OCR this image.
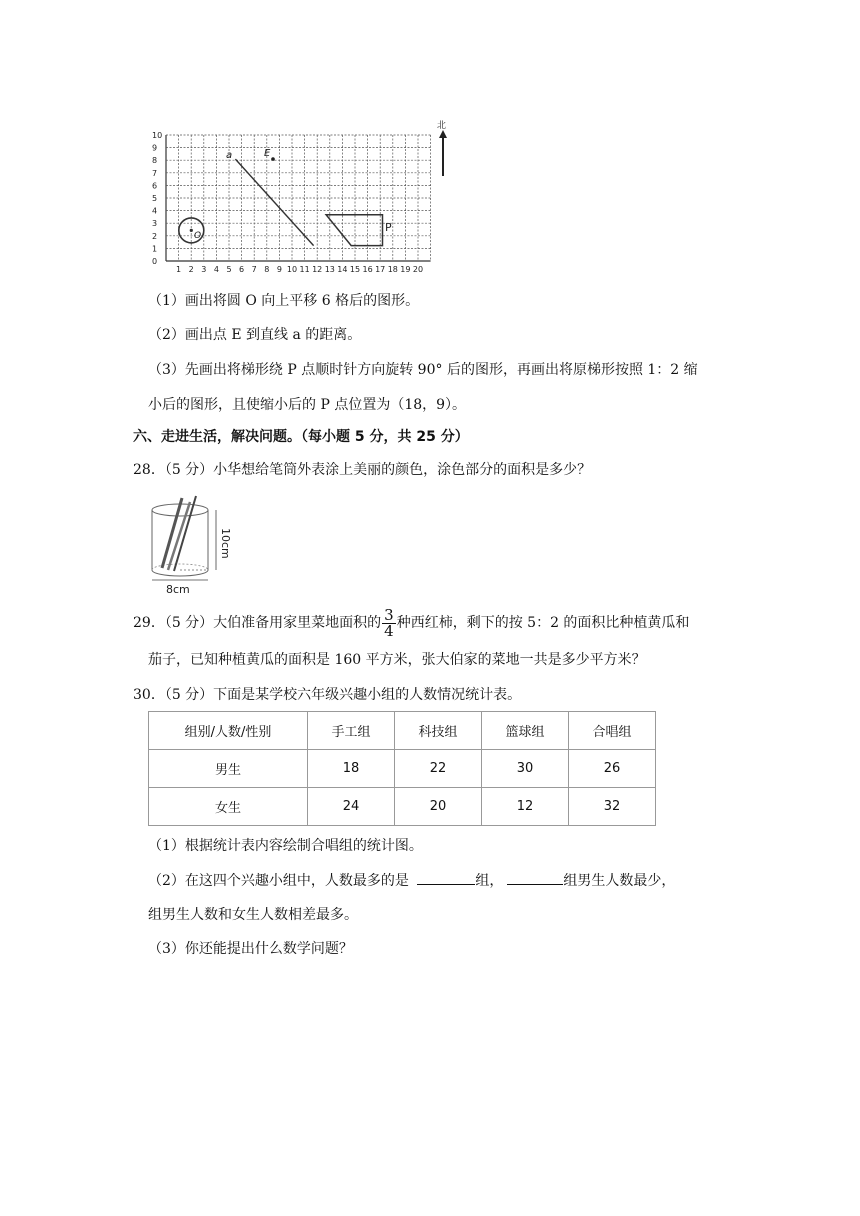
0
1
2
3
4
5
6
7
8
9
10
1 2 3 4 5 6 7 8 9 10 11 12 13 14 15 16 17 18 19 20
O
a	E
P
北
（1）画出将圆 O 向上平移 6 格后的图形。
（2）画出点 E 到直线 a 的距离。
（3）先画出将梯形绕 P 点顺时针方向旋转 90° 后的图形，再画出将原梯形按照 1：2 缩
小后的图形，且使缩小后的 P 点位置为（18，9）。
六、走进生活，解决问题。（每小题 5 分，共 25 分）
28．（5 分）小华想给笔筒外表涂上美丽的颜色，涂色部分的面积是多少？
10cm
8cm
29．（5 分）大伯准备用家里菜地面积的 $\frac{3}{4}$ 种西红柿，剩下的按 5：2 的面积比种植黄瓜和
茄子，已知种植黄瓜的面积是 160 平方米，张大伯家的菜地一共是多少平方米？
30．（5 分）下面是某学校六年级兴趣小组的人数情况统计表。
组别/人数/性别	手工组	科技组	篮球组	合唱组
男生	18	22	30	26
女生	24	20	12	32
（1）根据统计表内容绘制合唱组的统计图。
（2）在这四个兴趣小组中，人数最多的是	组，	组男生人数最少，
组男生人数和女生人数相差最多。
（3）你还能提出什么数学问题？
